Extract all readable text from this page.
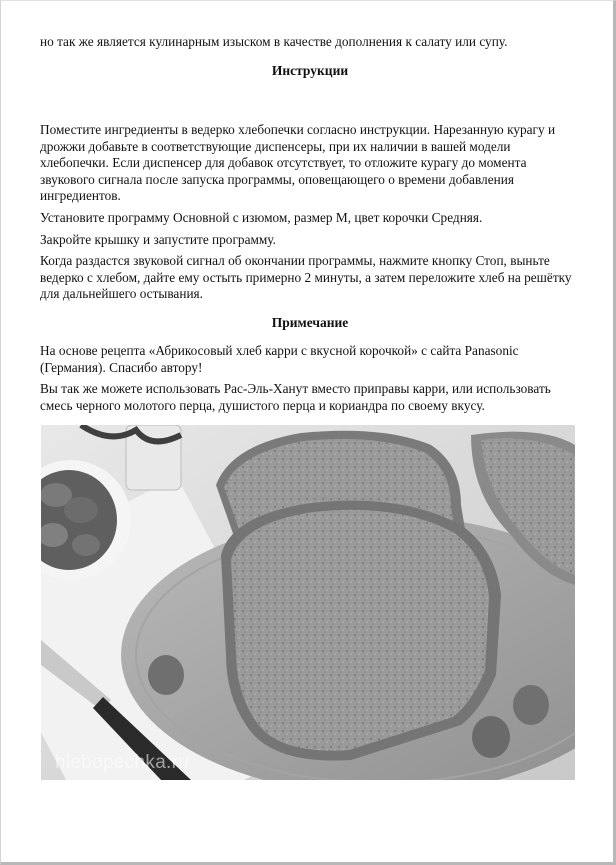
но так же является кулинарным изыском в качестве дополнения к салату или супу.
Инструкции

Поместите ингредиенты в ведерко хлебопечки согласно инструкции. Нарезанную курагу и дрожжи добавьте в соответствующие диспенсеры, при их наличии в вашей модели хлебопечки. Если диспенсер для добавок отсутствует, то отложите курагу до момента звукового сигнала после запуска программы, оповещающего о времени добавления ингредиентов.

Установите программу Основной с изюмом, размер М, цвет корочки Средняя.

Закройте крышку и запустите программу.

Когда раздастся звуковой сигнал об окончании программы, нажмите кнопку Стоп, выньте ведерко с хлебом, дайте ему остыть примерно 2 минуты, а затем переложите хлеб на решётку для дальнейшего остывания.

Примечание

На основе рецепта «Абрикосовый хлеб карри с вкусной корочкой» с сайта Panasonic (Германия). Спасибо автору!

Вы так же можете использовать Рас-Эль-Ханут вместо приправы карри, или использовать смесь черного молотого перца, душистого перца и кориандра по своему вкусу.

hlebopechka.ru
